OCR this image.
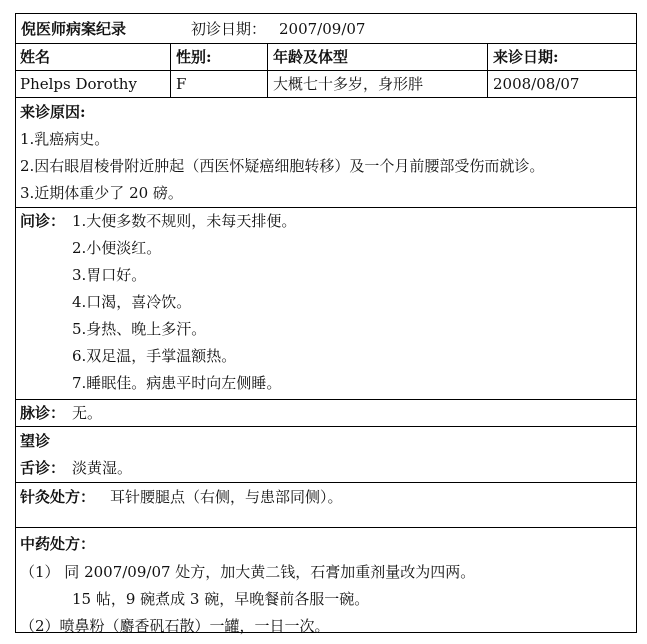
倪医师病案纪录	初诊日期： 2007/09/07
姓名	性别:	年龄及体型	来诊日期:
Phelps Dorothy	F	大概七十多岁，身形胖	2008/08/07
来诊原因:
1.乳癌病史。
2.因右眼眉棱骨附近肿起（西医怀疑癌细胞转移）及一个月前腰部受伤而就诊。
3.近期体重少了 20 磅。
问诊： 1.大便多数不规则，未每天排便。
2.小便淡红。
3.胃口好。
4.口渴，喜冷饮。
5.身热、晚上多汗。
6.双足温，手掌温额热。
7.睡眠佳。病患平时向左侧睡。
脉诊： 无。
望诊
舌诊： 淡黄湿。
针灸处方： 耳针腰腿点（右侧，与患部同侧）。
中药处方：
（1） 同 2007/09/07 处方，加大黄二钱，石膏加重剂量改为四两。
15 帖，9 碗煮成 3 碗，早晚餐前各服一碗。
（2）喷鼻粉（麝香矾石散）一罐，一日一次。
